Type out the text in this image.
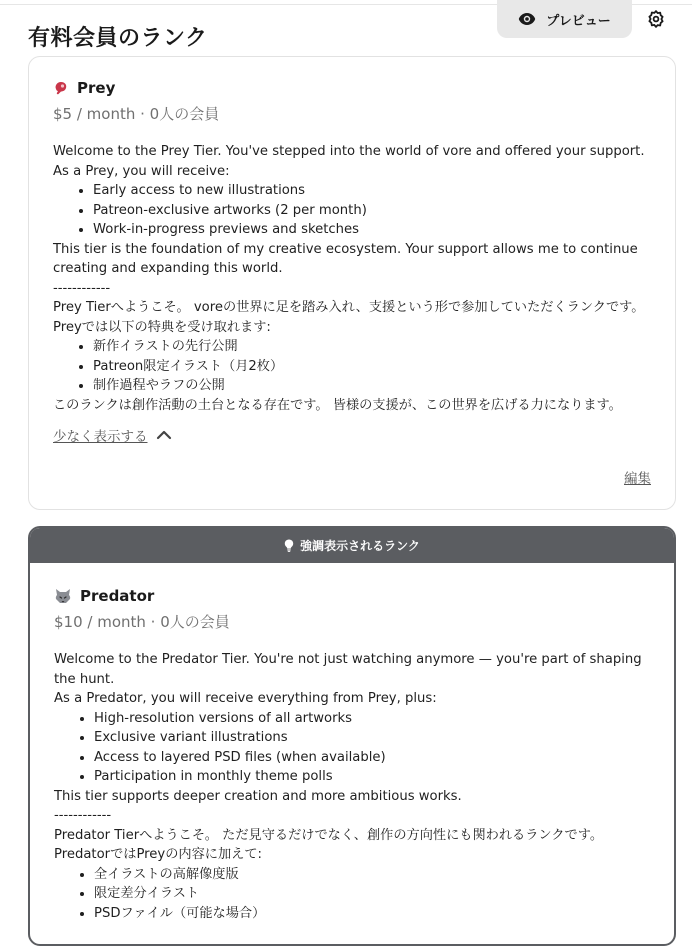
有料会員のランク
プレビュー
Prey
$5 / month · 0人の会員

Welcome to the Prey Tier. You've stepped into the world of vore and offered your support.

As a Prey, you will receive:

• Early access to new illustrations
• Patreon-exclusive artworks (2 per month)
• Work-in-progress previews and sketches

This tier is the foundation of my creative ecosystem. Your support allows me to continue creating and expanding this world.

------------

Prey Tierへようこそ。 voreの世界に足を踏み入れ、支援という形で参加していただくランクです。

Preyでは以下の特典を受け取れます:

• 新作イラストの先行公開
• Patreon限定イラスト（月2枚）
• 制作過程やラフの公開

このランクは創作活動の土台となる存在です。 皆様の支援が、この世界を広げる力になります。

少なく表示する
編集
強調表示されるランク
Predator
$10 / month · 0人の会員

Welcome to the Predator Tier. You're not just watching anymore — you're part of shaping the hunt.

As a Predator, you will receive everything from Prey, plus:

• High-resolution versions of all artworks
• Exclusive variant illustrations
• Access to layered PSD files (when available)
• Participation in monthly theme polls

This tier supports deeper creation and more ambitious works.

------------

Predator Tierへようこそ。 ただ見守るだけでなく、創作の方向性にも関われるランクです。

PredatorではPreyの内容に加えて:

• 全イラストの高解像度版
• 限定差分イラスト
• PSDファイル（可能な場合）
